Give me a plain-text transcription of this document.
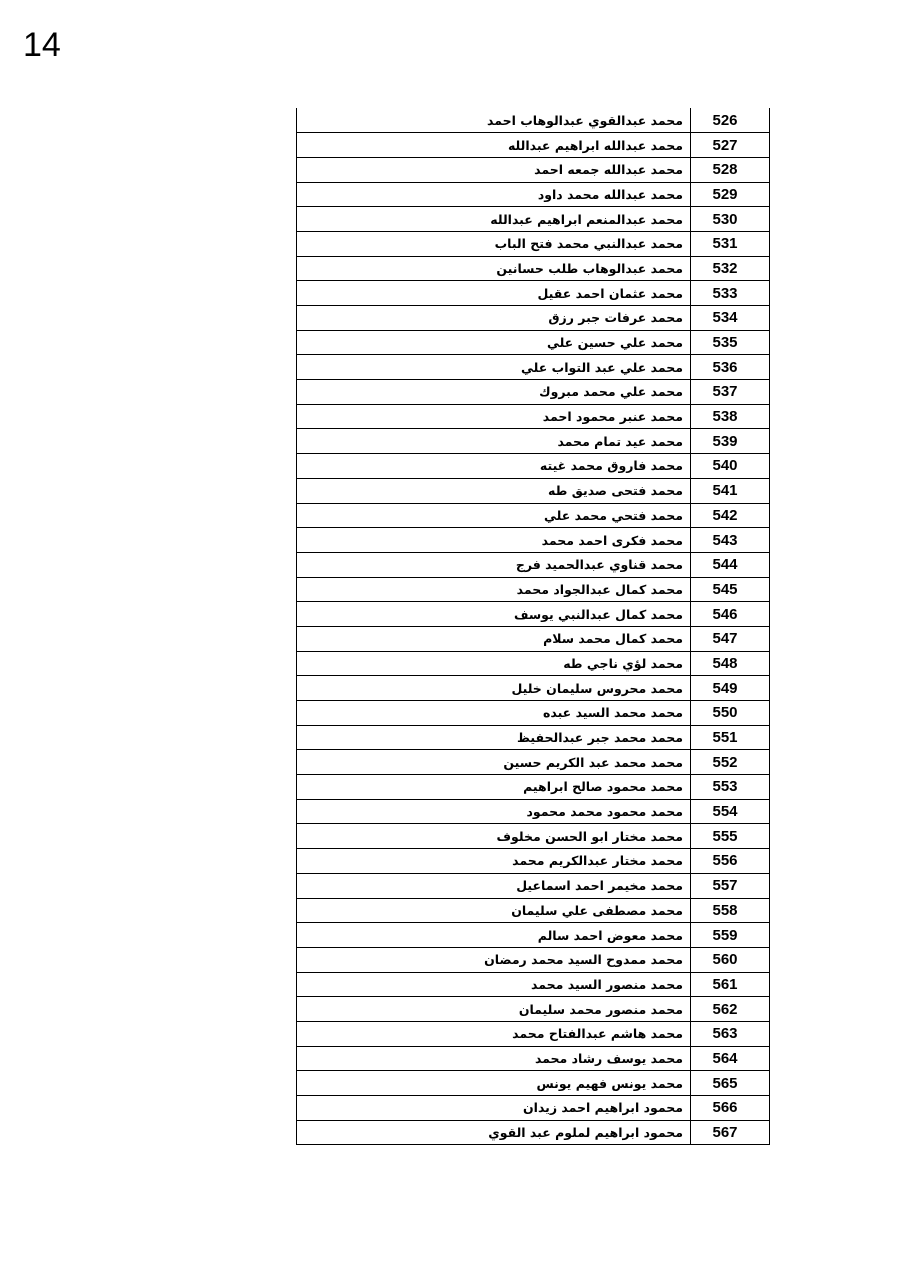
14
محمد عبدالقوي عبدالوهاب احمد	526
محمد عبدالله ابراهيم عبدالله	527
محمد عبدالله جمعه احمد	528
محمد عبدالله محمد داود	529
محمد عبدالمنعم ابراهيم عبدالله	530
محمد عبدالنبي محمد فتح الباب	531
محمد عبدالوهاب طلب حسانين	532
محمد عثمان احمد عقيل	533
محمد عرفات جبر رزق	534
محمد علي حسين علي	535
محمد علي عبد التواب علي	536
محمد علي محمد مبروك	537
محمد عنبر محمود احمد	538
محمد عيد تمام محمد	539
محمد فاروق محمد غيته	540
محمد فتحى صديق طه	541
محمد فتحي محمد علي	542
محمد فكرى احمد محمد	543
محمد قناوي عبدالحميد فرج	544
محمد كمال عبدالجواد محمد	545
محمد كمال عبدالنبي يوسف	546
محمد كمال محمد سلام	547
محمد لؤي ناجي طه	548
محمد محروس سليمان خليل	549
محمد محمد السيد عبده	550
محمد محمد جبر عبدالحفيظ	551
محمد محمد عبد الكريم حسين	552
محمد محمود صالح ابراهيم	553
محمد محمود محمد محمود	554
محمد مختار ابو الحسن مخلوف	555
محمد مختار عبدالكريم محمد	556
محمد مخيمر احمد اسماعيل	557
محمد مصطفى علي سليمان	558
محمد معوض احمد سالم	559
محمد ممدوح السيد محمد رمضان	560
محمد منصور السيد محمد	561
محمد منصور محمد سليمان	562
محمد هاشم عبدالفتاح محمد	563
محمد يوسف رشاد محمد	564
محمد يونس فهيم يونس	565
محمود ابراهيم احمد زيدان	566
محمود ابراهيم لملوم عبد القوي	567
